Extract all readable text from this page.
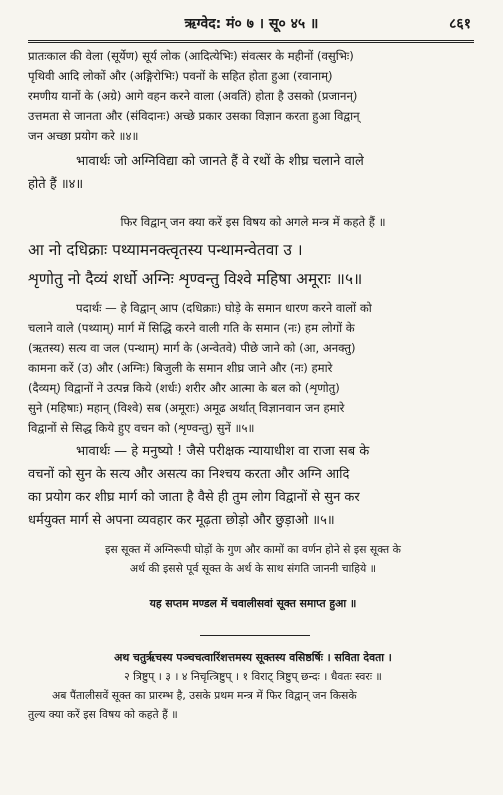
ऋग्वेद: मं० ७ । सू० ४५ ॥	८६१
प्रातःकाल की वेला (सूर्येण) सूर्य लोक (आदित्येभिः) संवत्सर के महीनों (वसुभिः)
पृथिवी आदि लोकों और (अङ्गिरोभिः) पवनों के सहित होता हुआ (रवानाम्)
रमणीय यानों के (अग्रे) आगे वहन करने वाला (अवतिं) होता है उसको (प्रजानन्)
उत्तमता से जानता और (संविदानः) अच्छे प्रकार उसका विज्ञान करता हुआ विद्वान्
जन अच्छा प्रयोग करे ॥४॥
भावार्थः जो अग्निविद्या को जानते हैं वे रथों के शीघ्र चलाने वाले
होते हैं ॥४॥
फिर विद्वान् जन क्या करें इस विषय को अगले मन्त्र में कहते हैं ॥
आ नो दधिक्राः पथ्यामनक्त्वृतस्य पन्थामन्वेतवा उ ।
शृणोतु नो दैव्यं शर्धो अग्निः शृण्वन्तु विश्वे महिषा अमूराः ॥५॥
पदार्थः — हे विद्वान् आप (दधिक्राः) घोड़े के समान धारण करने वालों को
चलाने वाले (पथ्याम्) मार्ग में सिद्धि करने वाली गति के समान (नः) हम लोगों के
(ऋतस्य) सत्य वा जल (पन्थाम्) मार्ग के (अन्वेतवे) पीछे जाने को (आ, अनक्तु)
कामना करें (उ) और (अग्निः) बिजुली के समान शीघ्र जाने और (नः) हमारे
(दैव्यम्) विद्वानों ने उत्पन्न किये (शर्धः) शरीर और आत्मा के बल को (शृणोतु)
सुने (महिषाः) महान् (विश्वे) सब (अमूराः) अमूढ अर्थात् विज्ञानवान जन हमारे
विद्वानों से सिद्ध किये हुए वचन को (शृण्वन्तु) सुनें ॥५॥
भावार्थः — हे मनुष्यो ! जैसे परीक्षक न्यायाधीश वा राजा सब के
वचनों को सुन के सत्य और असत्य का निश्चय करता और अग्नि आदि
का प्रयोग कर शीघ्र मार्ग को जाता है वैसे ही तुम लोग विद्वानों से सुन कर
धर्मयुक्त मार्ग से अपना व्यवहार कर मूढ़ता छोड़ो और छुड़ाओ ॥५॥
इस सूक्त में अग्निरूपी घोड़ों के गुण और कामों का वर्णन होने से इस सूक्त के
अर्थ की इससे पूर्व सूक्त के अर्थ के साथ संगति जाननी चाहिये ॥
यह सप्तम मण्डल में चवालीसवां सूक्त समाप्त हुआ ॥
अथ चतुर्ऋचस्य पञ्चचत्वारिंशत्तमस्य सूक्तस्य वसिष्ठर्षिः । सविता देवता ।
२ त्रिष्टुप् । ३ । ४ निचृत्त्रिष्टुप् । १ विराट् त्रिष्टुप् छन्दः । धैवतः स्वरः ॥
अब पैंतालीसवें सूक्त का प्रारम्भ है, उसके प्रथम मन्त्र में फिर विद्वान् जन किसके
तुल्य क्या करें इस विषय को कहते हैं ॥
